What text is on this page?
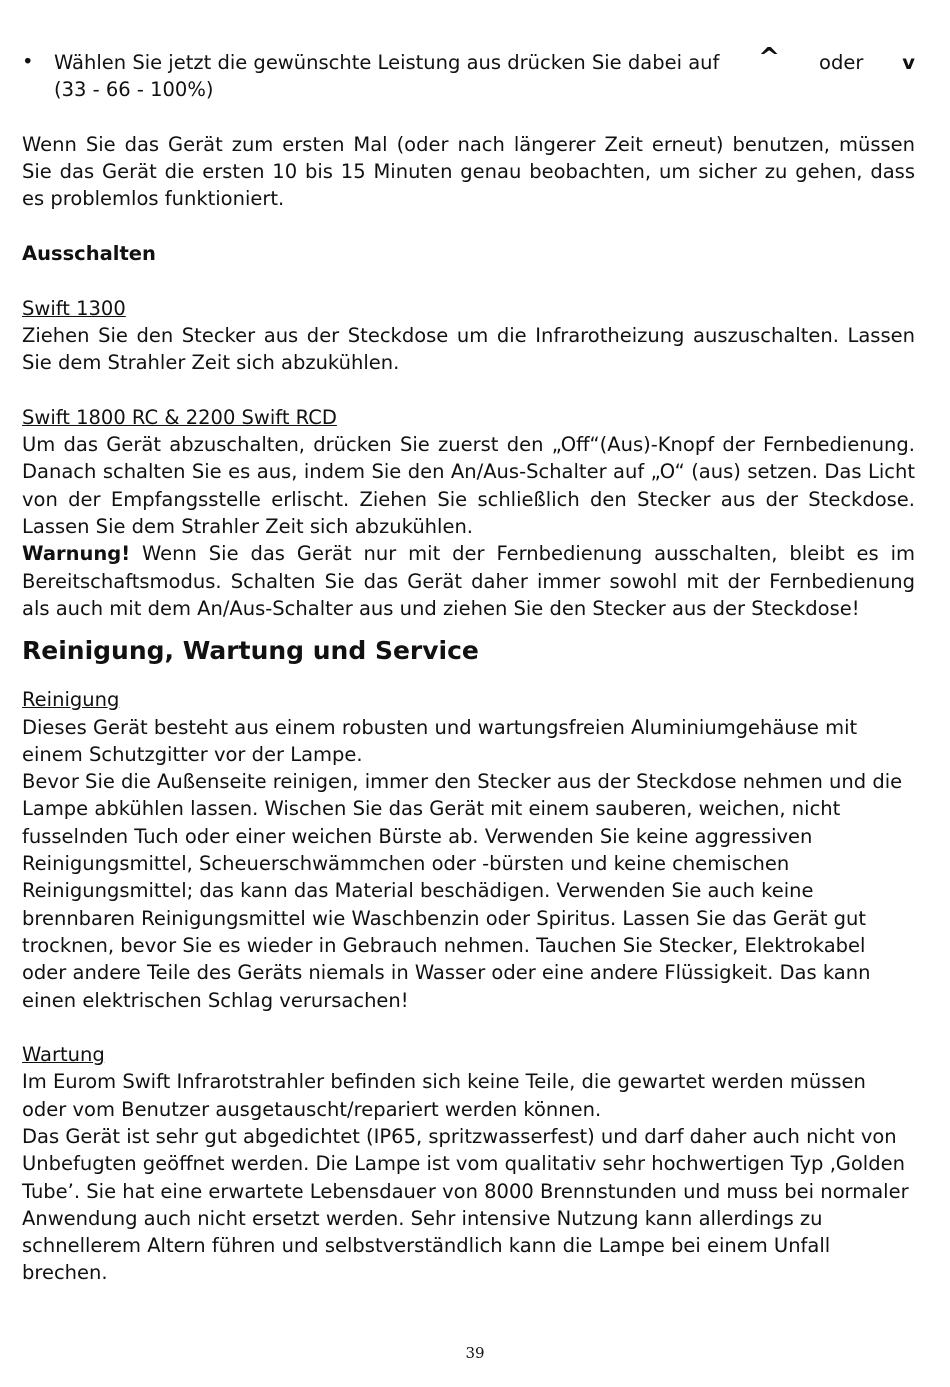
•	Wählen Sie jetzt die gewünschte Leistung aus drücken Sie dabei auf ^ oder v
(33 - 66 - 100%)

Wenn Sie das Gerät zum ersten Mal (oder nach längerer Zeit erneut) benutzen, müssen Sie das Gerät die ersten 10 bis 15 Minuten genau beobachten, um sicher zu gehen, dass es problemlos funktioniert.

Ausschalten

Swift 1300

Ziehen Sie den Stecker aus der Steckdose um die Infrarotheizung auszuschalten. Lassen Sie dem Strahler Zeit sich abzukühlen.

Swift 1800 RC & 2200 Swift RCD

Um das Gerät abzuschalten, drücken Sie zuerst den „Off“(Aus)-Knopf der Fernbedienung. Danach schalten Sie es aus, indem Sie den An/Aus-Schalter auf „O“ (aus) setzen. Das Licht von der Empfangsstelle erlischt. Ziehen Sie schließlich den Stecker aus der Steckdose. Lassen Sie dem Strahler Zeit sich abzukühlen.

Warnung! Wenn Sie das Gerät nur mit der Fernbedienung ausschalten, bleibt es im Bereitschaftsmodus. Schalten Sie das Gerät daher immer sowohl mit der Fernbedienung als auch mit dem An/Aus-Schalter aus und ziehen Sie den Stecker aus der Steckdose!

Reinigung, Wartung und Service

Reinigung

Dieses Gerät besteht aus einem robusten und wartungsfreien Aluminiumgehäuse mit einem Schutzgitter vor der Lampe.

Bevor Sie die Außenseite reinigen, immer den Stecker aus der Steckdose nehmen und die Lampe abkühlen lassen. Wischen Sie das Gerät mit einem sauberen, weichen, nicht fusselnden Tuch oder einer weichen Bürste ab. Verwenden Sie keine aggressiven Reinigungsmittel, Scheuerschwämmchen oder -bürsten und keine chemischen Reinigungsmittel; das kann das Material beschädigen. Verwenden Sie auch keine brennbaren Reinigungsmittel wie Waschbenzin oder Spiritus. Lassen Sie das Gerät gut trocknen, bevor Sie es wieder in Gebrauch nehmen. Tauchen Sie Stecker, Elektrokabel oder andere Teile des Geräts niemals in Wasser oder eine andere Flüssigkeit. Das kann einen elektrischen Schlag verursachen!

Wartung

Im Eurom Swift Infrarotstrahler befinden sich keine Teile, die gewartet werden müssen oder vom Benutzer ausgetauscht/repariert werden können.

Das Gerät ist sehr gut abgedichtet (IP65, spritzwasserfest) und darf daher auch nicht von Unbefugten geöffnet werden. Die Lampe ist vom qualitativ sehr hochwertigen Typ ‚Golden Tube’. Sie hat eine erwartete Lebensdauer von 8000 Brennstunden und muss bei normaler Anwendung auch nicht ersetzt werden. Sehr intensive Nutzung kann allerdings zu schnellerem Altern führen und selbstverständlich kann die Lampe bei einem Unfall brechen.

39
